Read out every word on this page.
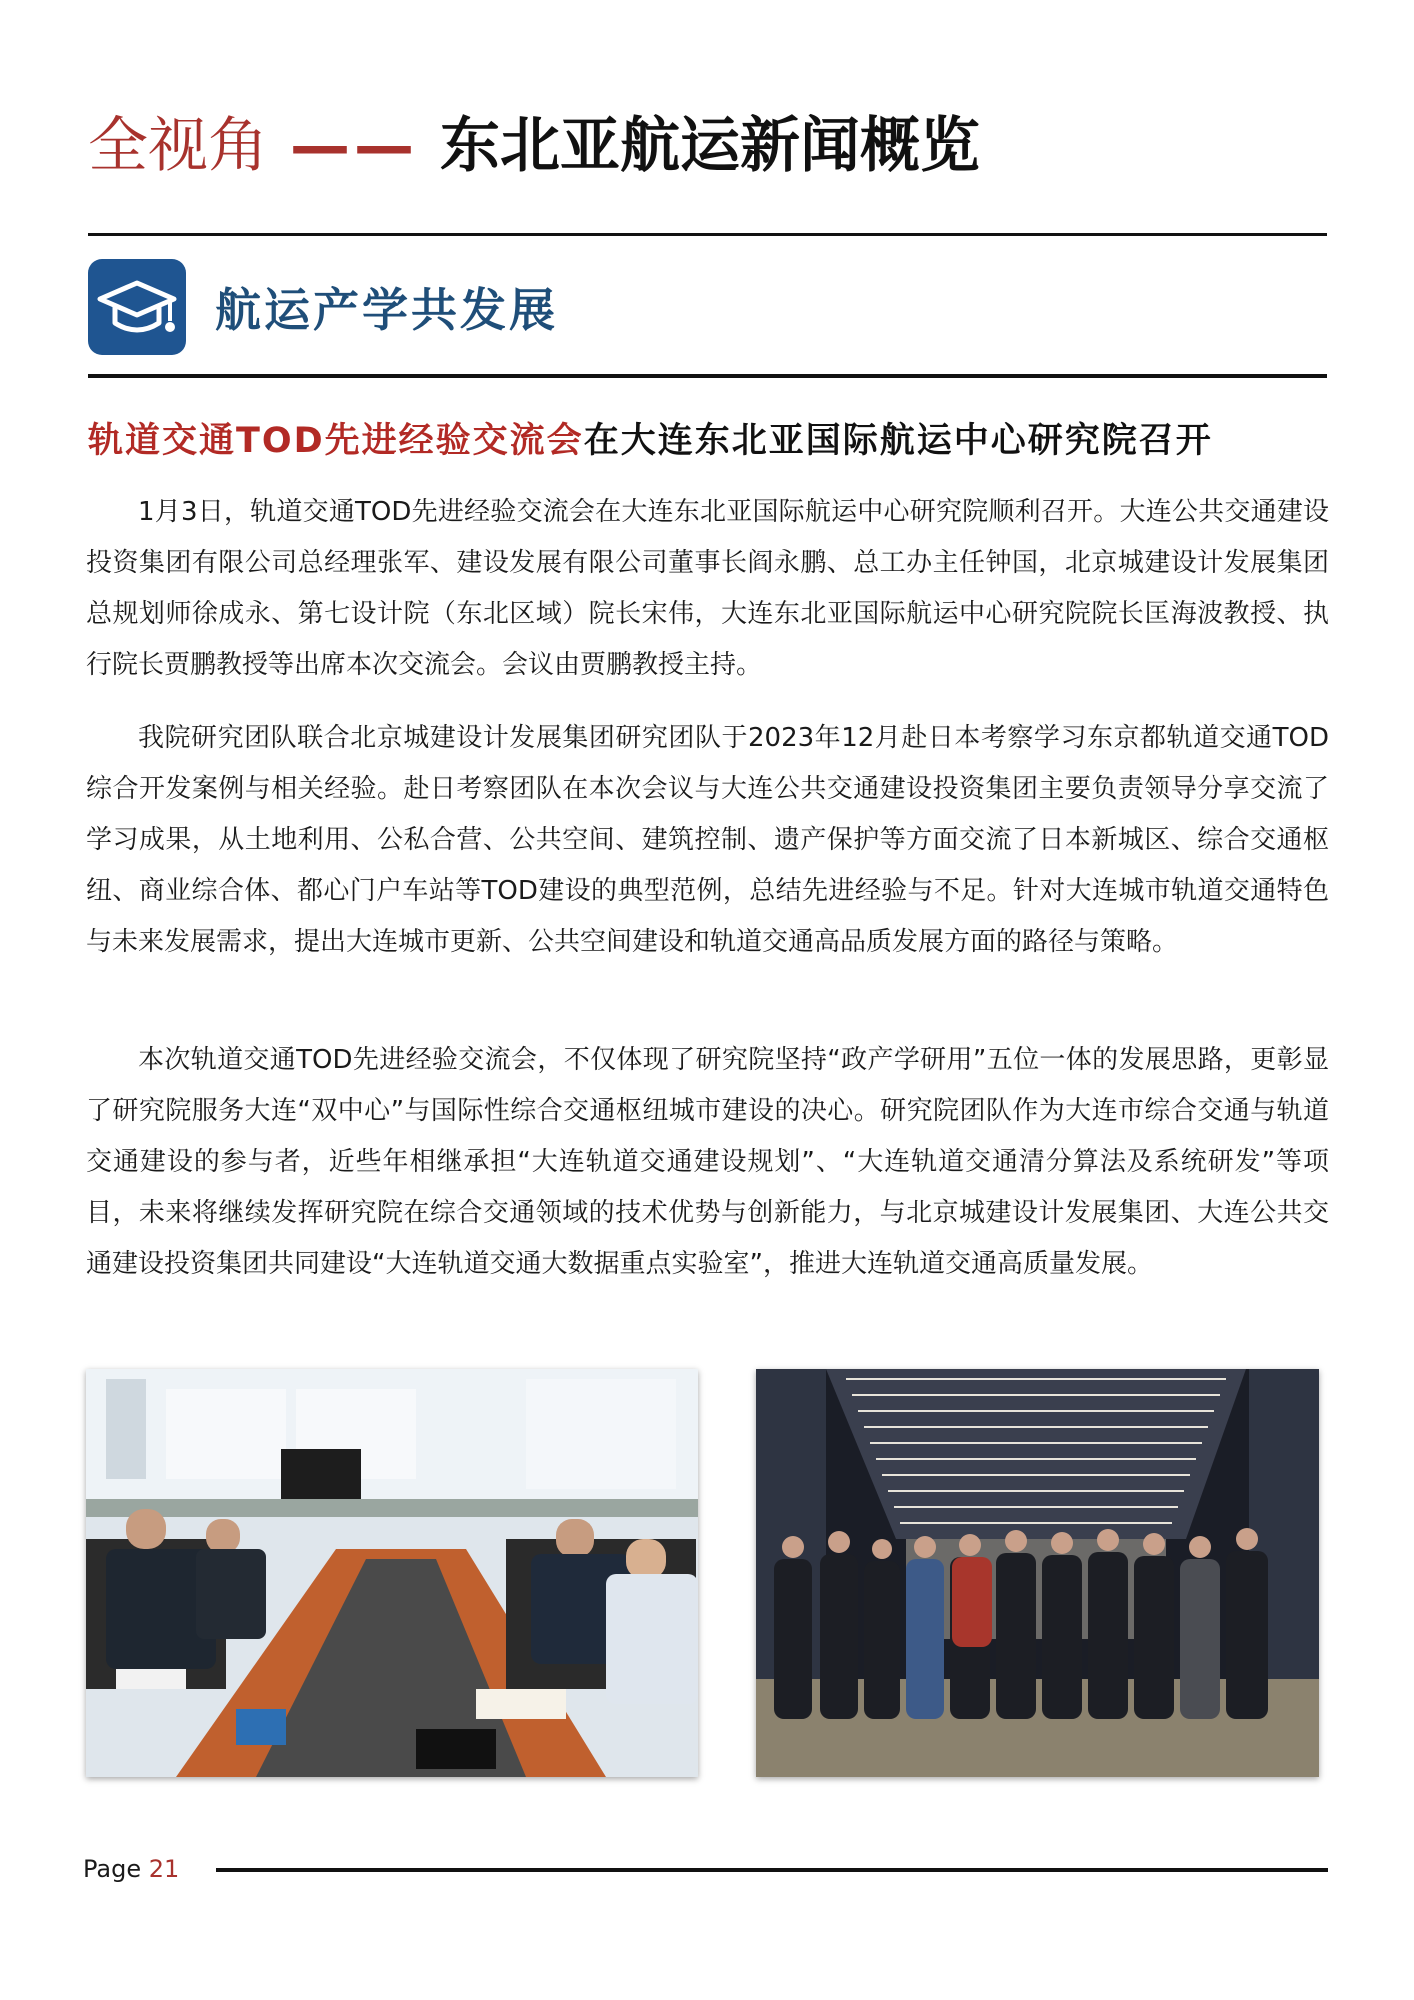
全视角 —— 东北亚航运新闻概览
航运产学共发展
轨道交通TOD先进经验交流会在大连东北亚国际航运中心研究院召开

1月3日，轨道交通TOD先进经验交流会在大连东北亚国际航运中心研究院顺利召开。大连公共交通建设投资集团有限公司总经理张军、建设发展有限公司董事长阎永鹏、总工办主任钟国，北京城建设计发展集团总规划师徐成永、第七设计院（东北区域）院长宋伟，大连东北亚国际航运中心研究院院长匡海波教授、执行院长贾鹏教授等出席本次交流会。会议由贾鹏教授主持。

我院研究团队联合北京城建设计发展集团研究团队于2023年12月赴日本考察学习东京都轨道交通TOD综合开发案例与相关经验。赴日考察团队在本次会议与大连公共交通建设投资集团主要负责领导分享交流了学习成果，从土地利用、公私合营、公共空间、建筑控制、遗产保护等方面交流了日本新城区、综合交通枢纽、商业综合体、都心门户车站等TOD建设的典型范例，总结先进经验与不足。针对大连城市轨道交通特色与未来发展需求，提出大连城市更新、公共空间建设和轨道交通高品质发展方面的路径与策略。

本次轨道交通TOD先进经验交流会，不仅体现了研究院坚持“政产学研用”五位一体的发展思路，更彰显了研究院服务大连“双中心”与国际性综合交通枢纽城市建设的决心。研究院团队作为大连市综合交通与轨道交通建设的参与者，近些年相继承担“大连轨道交通建设规划”、“大连轨道交通清分算法及系统研发”等项目，未来将继续发挥研究院在综合交通领域的技术优势与创新能力，与北京城建设计发展集团、大连公共交通建设投资集团共同建设“大连轨道交通大数据重点实验室”，推进大连轨道交通高质量发展。

Page 21
